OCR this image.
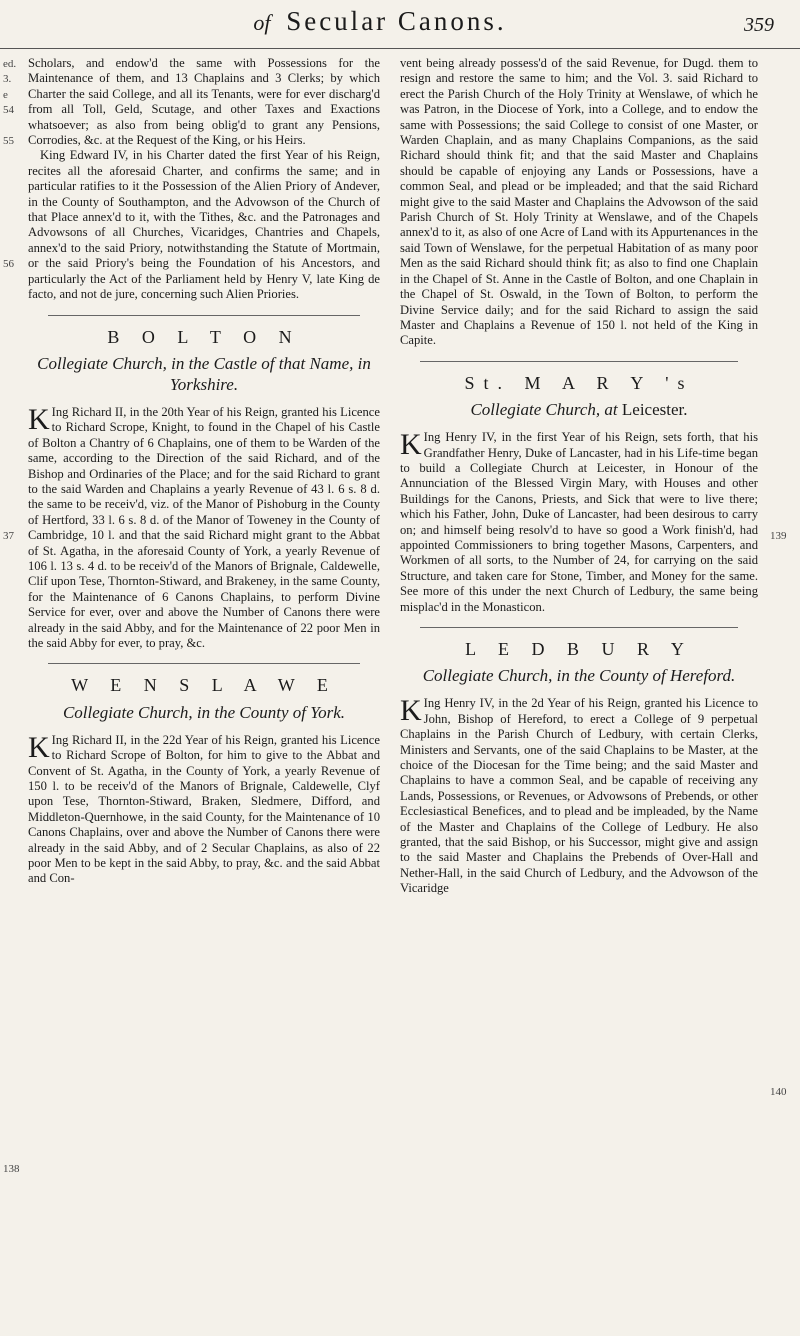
of Secular Canons.	359
ed.
3.
e
54
55
56
37
138
139
140

Scholars, and endow'd the same with Possessions for the Maintenance of them, and 13 Chaplains and 3 Clerks; by which Charter the said College, and all its Tenants, were for ever discharg'd from all Toll, Geld, Scutage, and other Taxes and Exactions whatsoever; as also from being oblig'd to grant any Pensions, Corrodies, &c. at the Request of the King, or his Heirs.

King Edward IV, in his Charter dated the first Year of his Reign, recites all the aforesaid Charter, and confirms the same; and in particular ratifies to it the Possession of the Alien Priory of Andever, in the County of Southampton, and the Advowson of the Church of that Place annex'd to it, with the Tithes, &c. and the Patronages and Advowsons of all Churches, Vicaridges, Chantries and Chapels, annex'd to the said Priory, notwithstanding the Statute of Mortmain, or the said Priory's being the Foundation of his Ancestors, and particularly the Act of the Parliament held by Henry V, late King de facto, and not de jure, concerning such Alien Priories.

B O L T O N
Collegiate Church, in the Castle of that Name, in Yorkshire.

K Ing Richard II, in the 20th Year of his Reign, granted his Licence to Richard Scrope, Knight, to found in the Chapel of his Castle of Bolton a Chantry of 6 Chaplains, one of them to be Warden of the same, according to the Direction of the said Richard, and of the Bishop and Ordinaries of the Place; and for the said Richard to grant to the said Warden and Chaplains a yearly Revenue of 43 l. 6 s. 8 d. the same to be receiv'd, viz. of the Manor of Pishoburg in the County of Hertford, 33 l. 6 s. 8 d. of the Manor of Toweney in the County of Cambridge, 10 l. and that the said Richard might grant to the Abbat of St. Agatha, in the aforesaid County of York, a yearly Revenue of 106 l. 13 s. 4 d. to be receiv'd of the Manors of Brignale, Caldewelle, Clif upon Tese, Thornton-Stiward, and Brakeney, in the same County, for the Maintenance of 6 Canons Chaplains, to perform Divine Service for ever, over and above the Number of Canons there were already in the said Abby, and for the Maintenance of 22 poor Men in the said Abby for ever, to pray, &c.

W E N S L A W E
Collegiate Church, in the County of York.

K Ing Richard II, in the 22d Year of his Reign, granted his Licence to Richard Scrope of Bolton, for him to give to the Abbat and Convent of St. Agatha, in the County of York, a yearly Revenue of 150 l. to be receiv'd of the Manors of Brignale, Caldewelle, Clyf upon Tese, Thornton-Stiward, Braken, Sledmere, Difford, and Middleton-Quernhowe, in the said County, for the Maintenance of 10 Canons Chaplains, over and above the Number of Canons there were already in the said Abby, and of 2 Secular Chaplains, as also of 22 poor Men to be kept in the said Abby, to pray, &c. and the said Abbat and Con-

vent being already possess'd of the said Revenue, for Dugd. them to resign and restore the same to him; and the Vol. 3. said Richard to erect the Parish Church of the Holy Trinity at Wenslawe, of which he was Patron, in the Diocese of York, into a College, and to endow the same with Possessions; the said College to consist of one Master, or Warden Chaplain, and as many Chaplains Companions, as the said Richard should think fit; and that the said Master and Chaplains should be capable of enjoying any Lands or Possessions, have a common Seal, and plead or be impleaded; and that the said Richard might give to the said Master and Chaplains the Advowson of the said Parish Church of St. Holy Trinity at Wenslawe, and of the Chapels annex'd to it, as also of one Acre of Land with its Appurtenances in the said Town of Wenslawe, for the perpetual Habitation of as many poor Men as the said Richard should think fit; as also to find one Chaplain in the Chapel of St. Anne in the Castle of Bolton, and one Chaplain in the Chapel of St. Oswald, in the Town of Bolton, to perform the Divine Service daily; and for the said Richard to assign the said Master and Chaplains a Revenue of 150 l. not held of the King in Capite.

St. M A R Y 's
Collegiate Church, at Leicester.

K Ing Henry IV, in the first Year of his Reign, sets forth, that his Grandfather Henry, Duke of Lancaster, had in his Life-time began to build a Collegiate Church at Leicester, in Honour of the Annunciation of the Blessed Virgin Mary, with Houses and other Buildings for the Canons, Priests, and Sick that were to live there; which his Father, John, Duke of Lancaster, had been desirous to carry on; and himself being resolv'd to have so good a Work finish'd, had appointed Commissioners to bring together Masons, Carpenters, and Workmen of all sorts, to the Number of 24, for carrying on the said Structure, and taken care for Stone, Timber, and Money for the same. See more of this under the next Church of Ledbury, the same being misplac'd in the Monasticon.

L E D B U R Y
Collegiate Church, in the County of Hereford.

K Ing Henry IV, in the 2d Year of his Reign, granted his Licence to John, Bishop of Hereford, to erect a College of 9 perpetual Chaplains in the Parish Church of Ledbury, with certain Clerks, Ministers and Servants, one of the said Chaplains to be Master, at the choice of the Diocesan for the Time being; and the said Master and Chaplains to have a common Seal, and be capable of receiving any Lands, Possessions, or Revenues, or Advowsons of Prebends, or other Ecclesiastical Benefices, and to plead and be impleaded, by the Name of the Master and Chaplains of the College of Ledbury. He also granted, that the said Bishop, or his Successor, might give and assign to the said Master and Chaplains the Prebends of Over-Hall and Nether-Hall, in the said Church of Ledbury, and the Advowson of the Vicaridge
